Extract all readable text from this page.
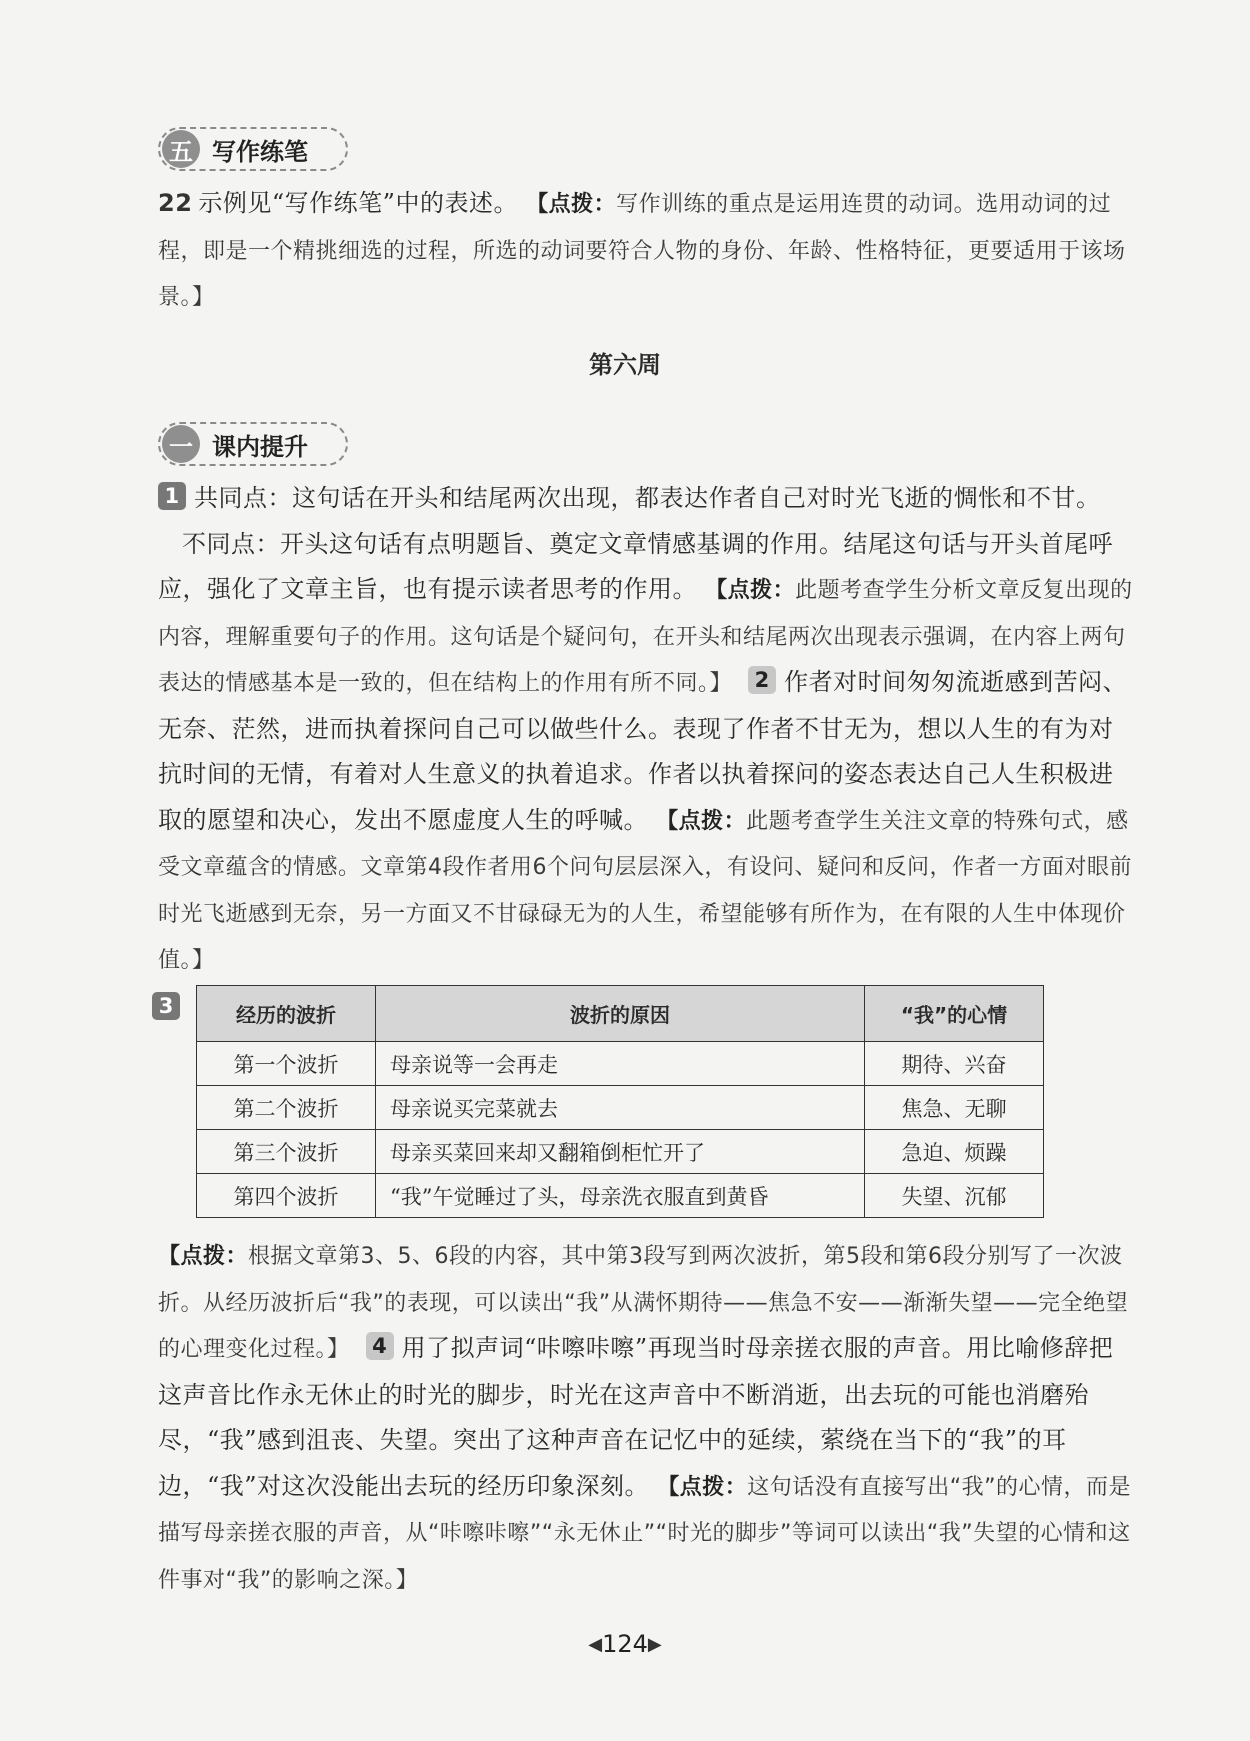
五 写作练笔
22 示例见“写作练笔”中的表述。 【点拨：写作训练的重点是运用连贯的动词。选用动词的过程，即是一个精挑细选的过程，所选的动词要符合人物的身份、年龄、性格特征，更要适用于该场景。】
第六周
一 课内提升
1 共同点：这句话在开头和结尾两次出现，都表达作者自己对时光飞逝的惆怅和不甘。
不同点：开头这句话有点明题旨、奠定文章情感基调的作用。结尾这句话与开头首尾呼应，强化了文章主旨，也有提示读者思考的作用。 【点拨：此题考查学生分析文章反复出现的内容，理解重要句子的作用。这句话是个疑问句，在开头和结尾两次出现表示强调，在内容上两句表达的情感基本是一致的，但在结构上的作用有所不同。】 2 作者对时间匆匆流逝感到苦闷、无奈、茫然，进而执着探问自己可以做些什么。表现了作者不甘无为，想以人生的有为对抗时间的无情，有着对人生意义的执着追求。作者以执着探问的姿态表达自己人生积极进取的愿望和决心，发出不愿虚度人生的呼喊。 【点拨：此题考查学生关注文章的特殊句式，感受文章蕴含的情感。文章第4段作者用6个问句层层深入，有设问、疑问和反问，作者一方面对眼前时光飞逝感到无奈，另一方面又不甘碌碌无为的人生，希望能够有所作为，在有限的人生中体现价值。】
3	经历的波折	波折的原因	“我”的心情
第一个波折	母亲说等一会再走	期待、兴奋
第二个波折	母亲说买完菜就去	焦急、无聊
第三个波折	母亲买菜回来却又翻箱倒柜忙开了	急迫、烦躁
第四个波折	“我”午觉睡过了头，母亲洗衣服直到黄昏	失望、沉郁
【点拨：根据文章第3、5、6段的内容，其中第3段写到两次波折，第5段和第6段分别写了一次波折。从经历波折后“我”的表现，可以读出“我”从满怀期待——焦急不安——渐渐失望——完全绝望的心理变化过程。】 4 用了拟声词“咔嚓咔嚓”再现当时母亲搓衣服的声音。用比喻修辞把这声音比作永无休止的时光的脚步，时光在这声音中不断消逝，出去玩的可能也消磨殆尽，“我”感到沮丧、失望。突出了这种声音在记忆中的延续，萦绕在当下的“我”的耳边，“我”对这次没能出去玩的经历印象深刻。 【点拨：这句话没有直接写出“我”的心情，而是描写母亲搓衣服的声音，从“咔嚓咔嚓”“永无休止”“时光的脚步”等词可以读出“我”失望的心情和这件事对“我”的影响之深。】
◀124▶
